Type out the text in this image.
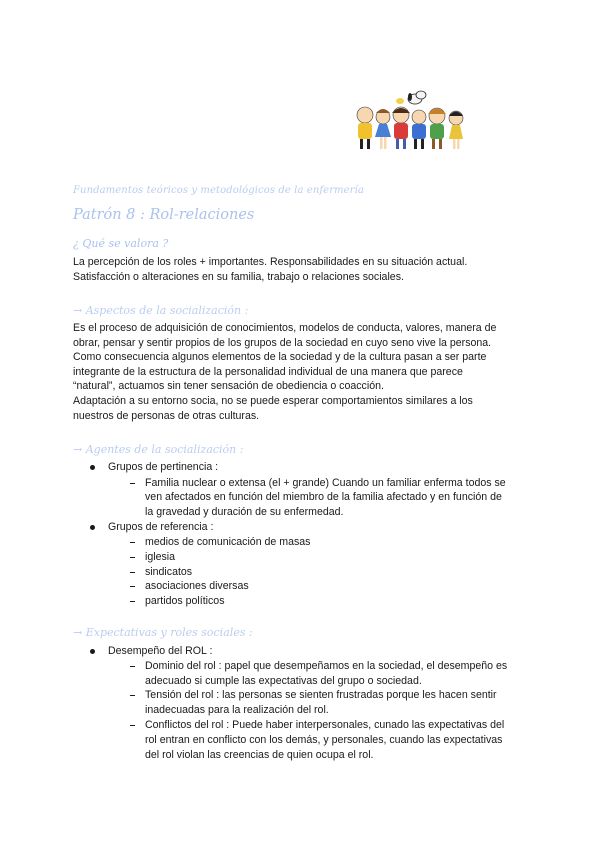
Fundamentos teóricos y metodológicos de la enfermería
Patrón 8 : Rol-relaciones
¿ Qué se valora ?

La percepción de los roles + importantes. Responsabilidades en su situación actual.

Satisfacción o alteraciones en su familia, trabajo o relaciones sociales.

→ Aspectos de la socialización :

Es el proceso de adquisición de conocimientos, modelos de conducta, valores, manera de

obrar, pensar y sentir propios de los grupos de la sociedad en cuyo seno vive la persona.

Como consecuencia algunos elementos de la sociedad y de la cultura pasan a ser parte

integrante de la estructura de la personalidad individual de una manera que parece

“natural”, actuamos sin tener sensación de obediencia o coacción.

Adaptación a su entorno socia, no se puede esperar comportamientos similares a los

nuestros de personas de otras culturas.

→ Agentes de la socialización :
Grupos de pertinencia :
Familia nuclear o extensa (el + grande) Cuando un familiar enferma todos se
ven afectados en función del miembro de la familia afectado y en función de
la gravedad y duración de su enfermedad.
Grupos de referencia :
medios de comunicación de masas
iglesia
sindicatos
asociaciones diversas
partidos políticos
→ Expectativas y roles sociales :
Desempeño del ROL :
Dominio del rol : papel que desempeñamos en la sociedad, el desempeño es
adecuado si cumple las expectativas del grupo o sociedad.
Tensión del rol : las personas se sienten frustradas porque les hacen sentir
inadecuadas para la realización del rol.
Conflictos del rol : Puede haber interpersonales, cunado las expectativas del
rol entran en conflicto con los demás, y personales, cuando las expectativas
del rol violan las creencias de quien ocupa el rol.
